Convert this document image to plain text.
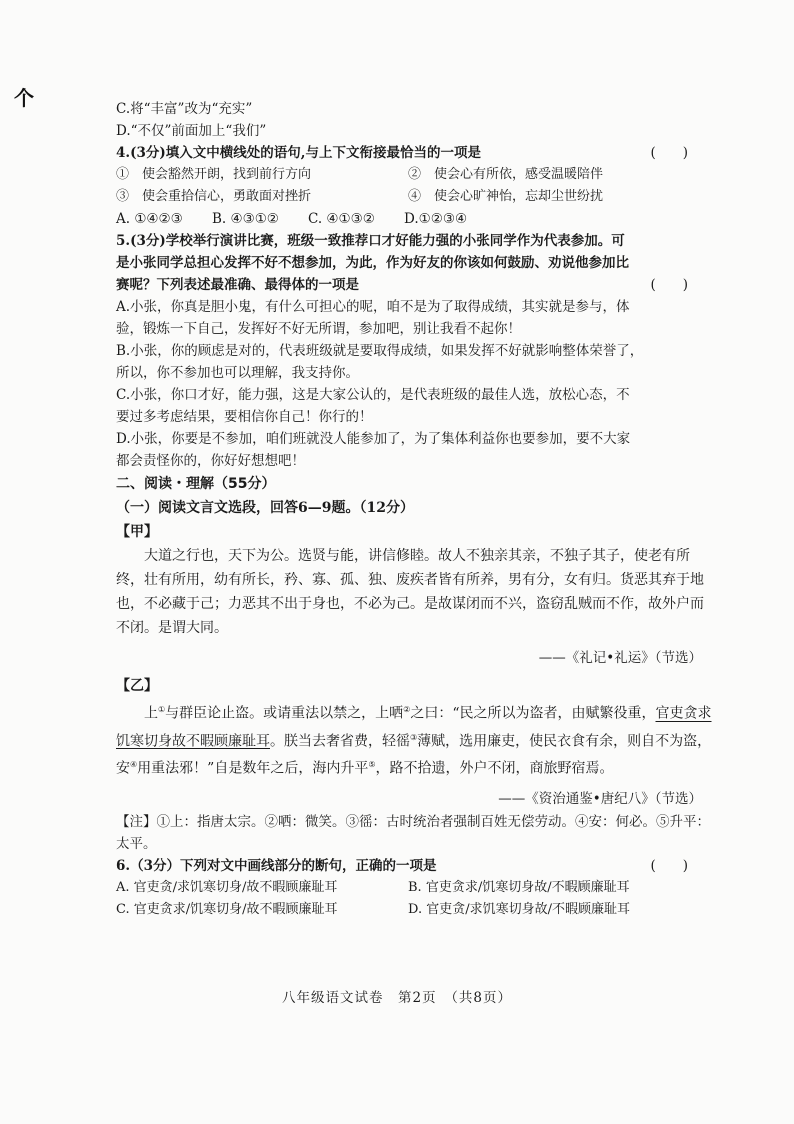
个	C.将“丰富”改为“充实”
D.“不仅”前面加上“我们”
4.(3分)填入文中横线处的语句,与上下文衔接最恰当的一项是	(　　)
①　使会豁然开朗，找到前行方向	②　使会心有所依，感受温暖陪伴
③　使会重拾信心，勇敢面对挫折	④　使会心旷神怡，忘却尘世纷扰
A. ①④②③	B. ④③①②	C. ④①③②	D.①②③④
5.(3分)学校举行演讲比赛，班级一致推荐口才好能力强的小张同学作为代表参加。可
是小张同学总担心发挥不好不想参加，为此，作为好友的你该如何鼓励、劝说他参加比
赛呢？下列表述最准确、最得体的一项是	(　　)
A.小张，你真是胆小鬼，有什么可担心的呢，咱不是为了取得成绩，其实就是参与，体
验，锻炼一下自己，发挥好不好无所谓，参加吧，别让我看不起你！
B.小张，你的顾虑是对的，代表班级就是要取得成绩，如果发挥不好就影响整体荣誉了，
所以，你不参加也可以理解，我支持你。
C.小张，你口才好，能力强，这是大家公认的，是代表班级的最佳人选，放松心态，不
要过多考虑结果，要相信你自己！你行的！
D.小张，你要是不参加，咱们班就没人能参加了，为了集体利益你也要参加，要不大家
都会责怪你的，你好好想想吧！
二、阅读・理解（55分）
（一）阅读文言文选段，回答6—9题。（12分）
【甲】
大道之行也，天下为公。选贤与能，讲信修睦。故人不独亲其亲，不独子其子，使老有所终，壮有所用，幼有所长，矜、寡、孤、独、废疾者皆有所养，男有分，女有归。货恶其弃于地也，不必藏于己；力恶其不出于身也，不必为己。是故谋闭而不兴，盗窃乱贼而不作，故外户而不闭。是谓大同。
——《礼记•礼运》（节选）
【乙】
上①与群臣论止盗。或请重法以禁之，上哂②之曰：“民之所以为盗者，由赋繁役重，官吏贪求饥寒切身故不暇顾廉耻耳。朕当去奢省费，轻徭③薄赋，选用廉吏，使民衣食有余，则自不为盗，安④用重法邪！”自是数年之后，海内升平⑤，路不拾遗，外户不闭，商旅野宿焉。
——《资治通鉴•唐纪八》（节选）
【注】①上：指唐太宗。②哂：微笑。③徭：古时统治者强制百姓无偿劳动。④安：何必。⑤升平：太平。
6.（3分）下列对文中画线部分的断句，正确的一项是	(　　)
A. 官吏贪/求饥寒切身/故不暇顾廉耻耳	B. 官吏贪求/饥寒切身故/不暇顾廉耻耳
C. 官吏贪求/饥寒切身/故不暇顾廉耻耳	D. 官吏贪/求饥寒切身故/不暇顾廉耻耳
八年级语文试卷　第2页　（共8页）
